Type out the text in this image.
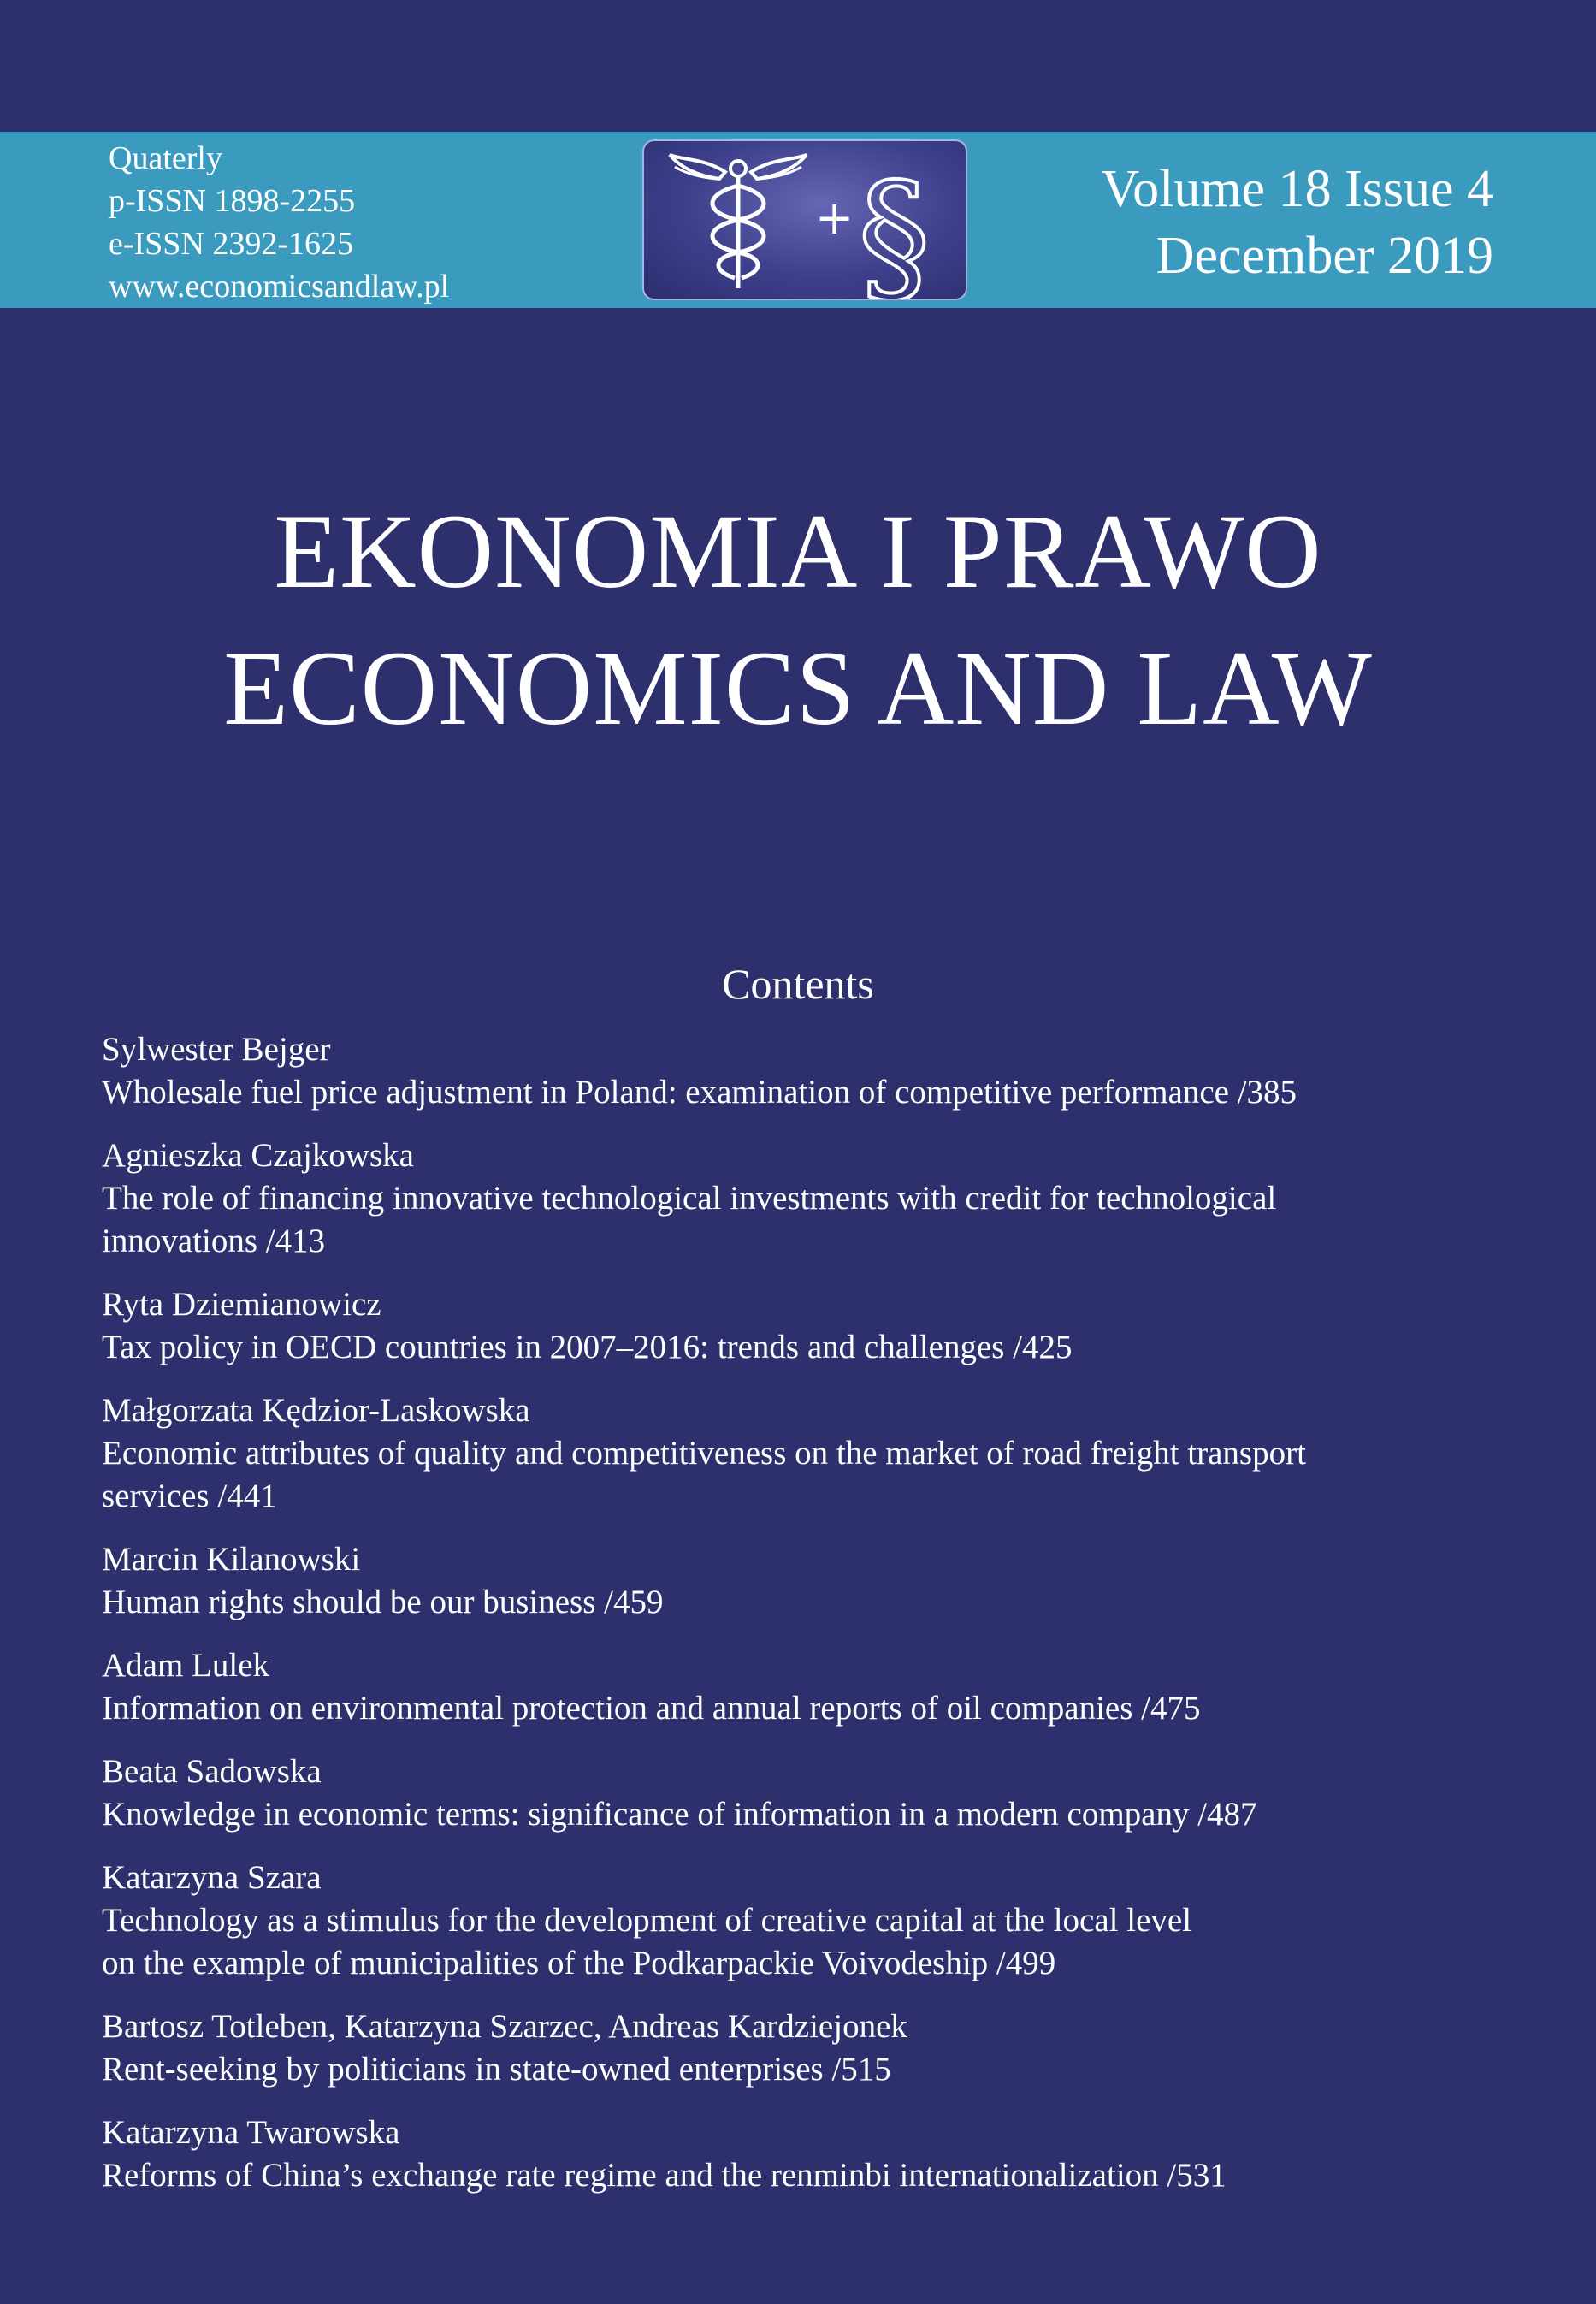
Quaterly
p-ISSN 1898-2255
e-ISSN 2392-1625
www.economicsandlaw.pl
+ §	Volume 18 Issue 4
December 2019
EKONOMIA I PRAWO
ECONOMICS AND LAW
Contents
Sylwester Bejger
Wholesale fuel price adjustment in Poland: examination of competitive performance /385
Agnieszka Czajkowska
The role of financing innovative technological investments with credit for technological
innovations /413
Ryta Dziemianowicz
Tax policy in OECD countries in 2007–2016: trends and challenges /425
Małgorzata Kędzior-Laskowska
Economic attributes of quality and competitiveness on the market of road freight transport
services /441
Marcin Kilanowski
Human rights should be our business /459
Adam Lulek
Information on environmental protection and annual reports of oil companies /475
Beata Sadowska
Knowledge in economic terms: significance of information in a modern company /487
Katarzyna Szara
Technology as a stimulus for the development of creative capital at the local level
on the example of municipalities of the Podkarpackie Voivodeship /499
Bartosz Totleben, Katarzyna Szarzec, Andreas Kardziejonek
Rent-seeking by politicians in state-owned enterprises /515
Katarzyna Twarowska
Reforms of China’s exchange rate regime and the renminbi internationalization /531
